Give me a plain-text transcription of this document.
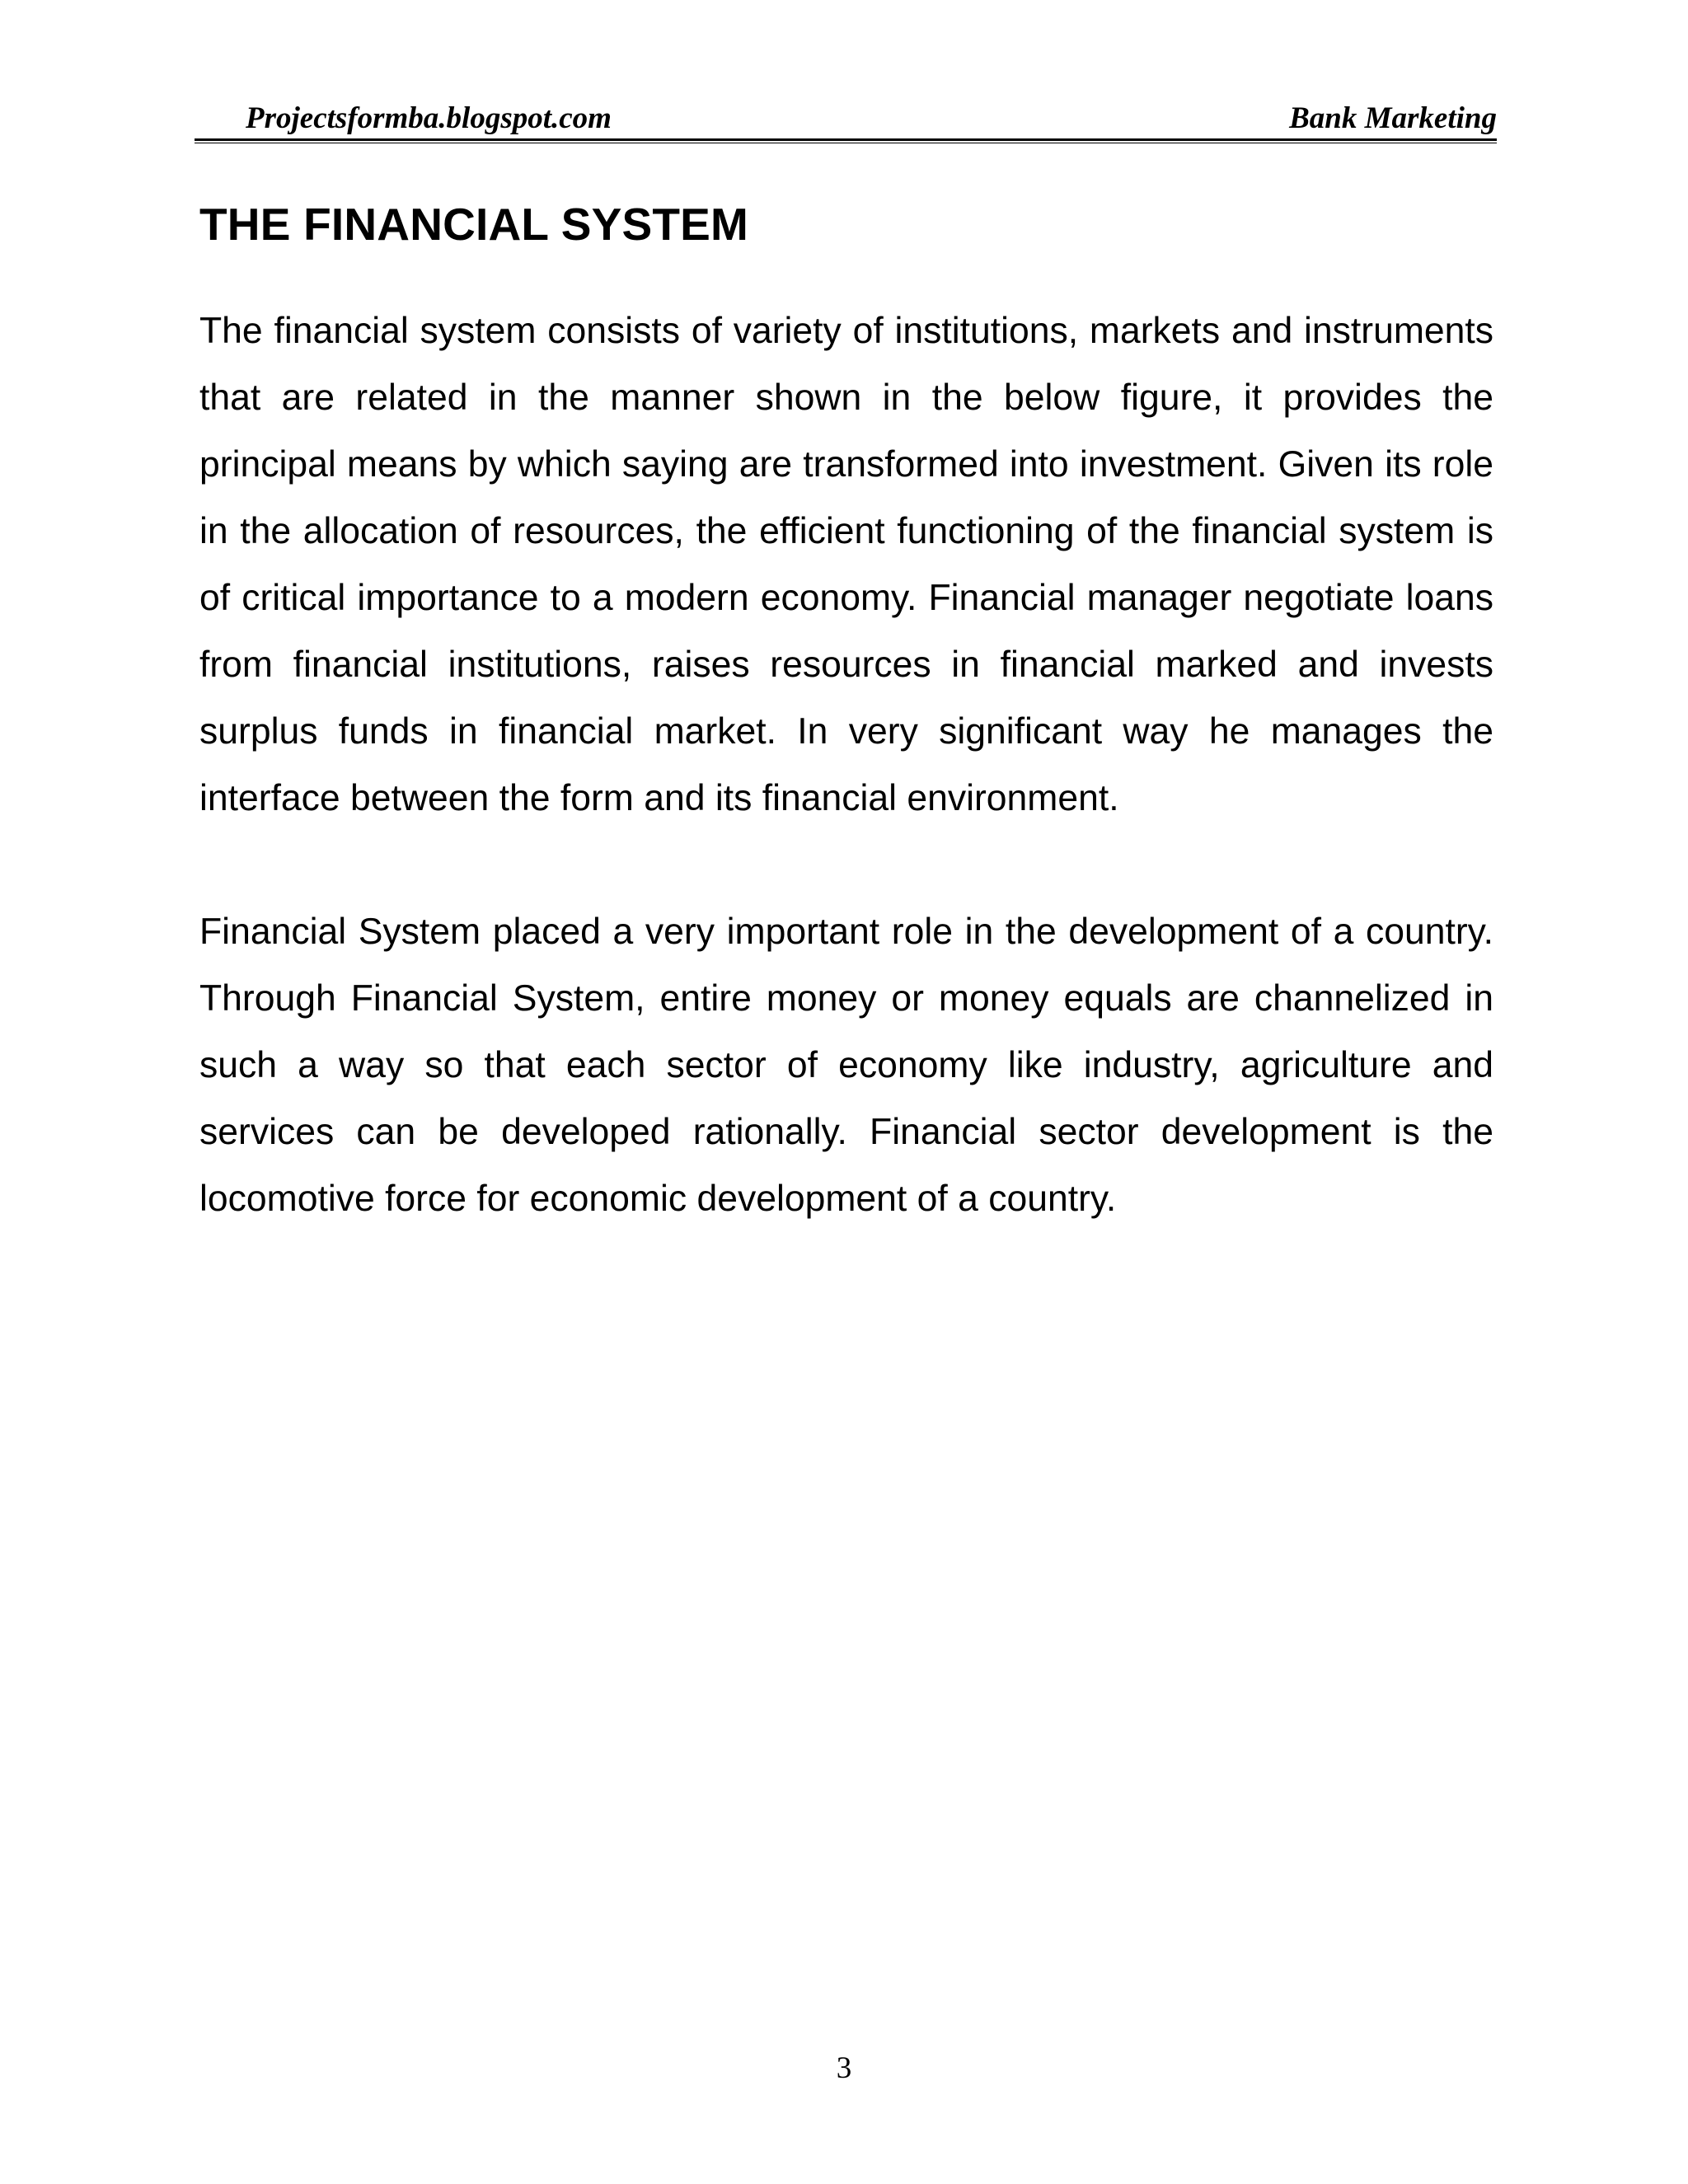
Projectsformba.blogspot.com	Bank Marketing
THE FINANCIAL SYSTEM

The financial system consists of variety of institutions, markets and instruments that are related in the manner shown in the below figure, it provides the principal means by which saying are transformed into investment. Given its role in the allocation of resources, the efficient functioning of the financial system is of critical importance to a modern economy. Financial manager negotiate loans from financial institutions, raises resources in financial marked and invests surplus funds in financial market. In very significant way he manages the interface between the form and its financial environment.

Financial System placed a very important role in the development of a country. Through Financial System, entire money or money equals are channelized in such a way so that each sector of economy like industry, agriculture and services can be developed rationally. Financial sector development is the locomotive force for economic development of a country.

3
